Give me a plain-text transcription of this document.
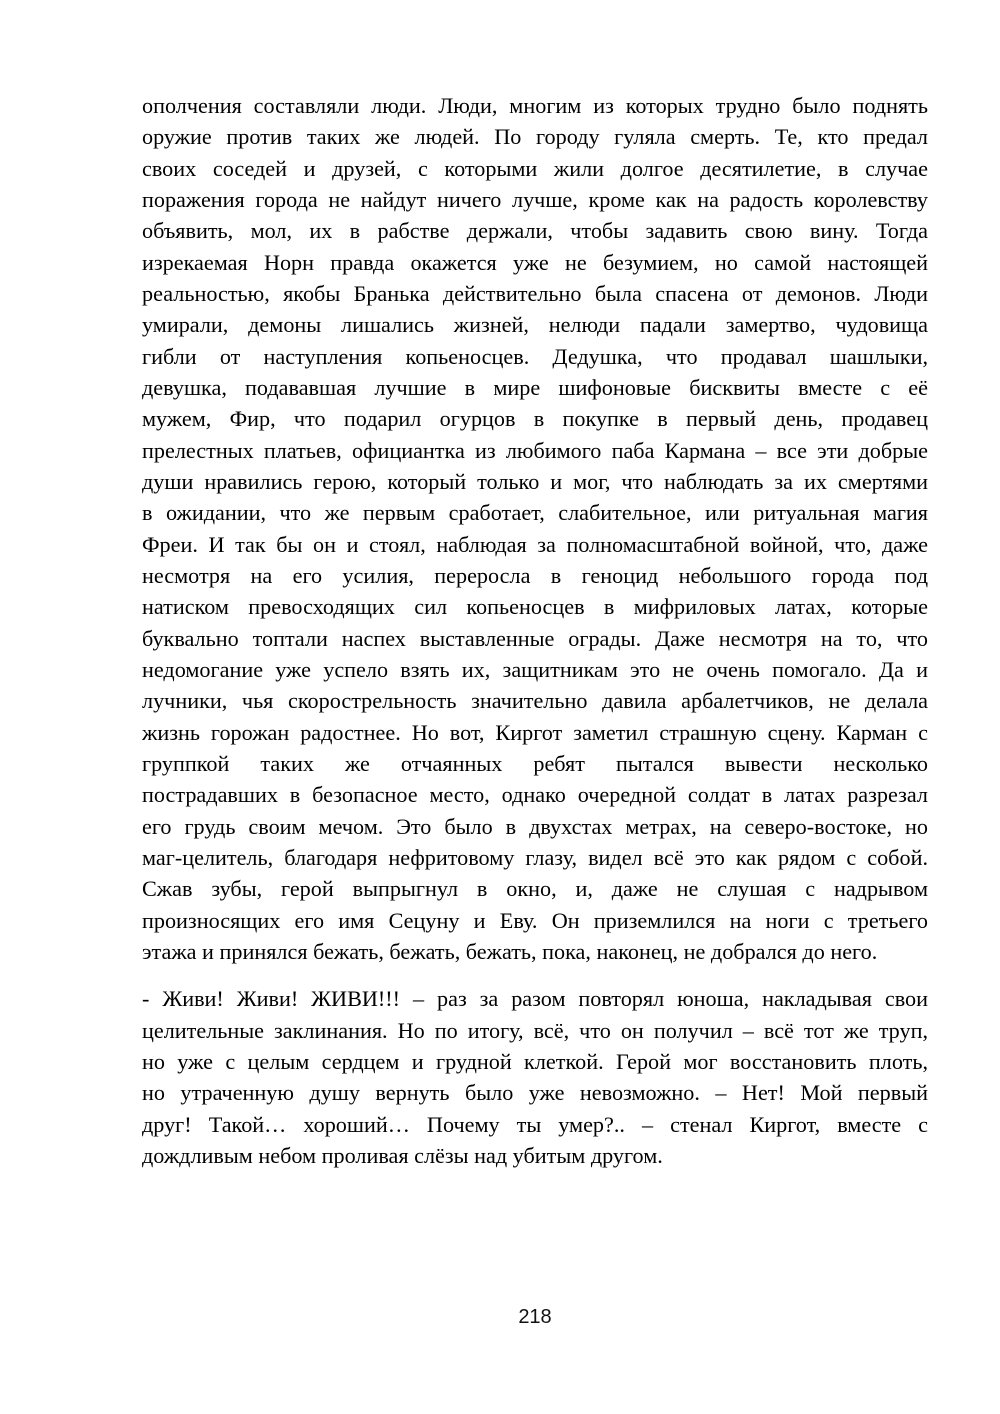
ополчения составляли люди. Люди, многим из которых трудно было поднять
оружие против таких же людей. По городу гуляла смерть. Те, кто предал
своих соседей и друзей, с которыми жили долгое десятилетие, в случае
поражения города не найдут ничего лучше, кроме как на радость королевству
объявить, мол, их в рабстве держали, чтобы задавить свою вину. Тогда
изрекаемая Норн правда окажется уже не безумием, но самой настоящей
реальностью, якобы Бранька действительно была спасена от демонов. Люди
умирали, демоны лишались жизней, нелюди падали замертво, чудовища
гибли от наступления копьеносцев. Дедушка, что продавал шашлыки,
девушка, подававшая лучшие в мире шифоновые бисквиты вместе с её
мужем, Фир, что подарил огурцов в покупке в первый день, продавец
прелестных платьев, официантка из любимого паба Кармана – все эти добрые
души нравились герою, который только и мог, что наблюдать за их смертями
в ожидании, что же первым сработает, слабительное, или ритуальная магия
Фреи. И так бы он и стоял, наблюдая за полномасштабной войной, что, даже
несмотря на его усилия, переросла в геноцид небольшого города под
натиском превосходящих сил копьеносцев в мифриловых латах, которые
буквально топтали наспех выставленные ограды. Даже несмотря на то, что
недомогание уже успело взять их, защитникам это не очень помогало. Да и
лучники, чья скорострельность значительно давила арбалетчиков, не делала
жизнь горожан радостнее. Но вот, Киргот заметил страшную сцену. Карман с
группкой таких же отчаянных ребят пытался вывести несколько
пострадавших в безопасное место, однако очередной солдат в латах разрезал
его грудь своим мечом. Это было в двухстах метрах, на северо-востоке, но
маг-целитель, благодаря нефритовому глазу, видел всё это как рядом с собой.
Сжав зубы, герой выпрыгнул в окно, и, даже не слушая с надрывом
произносящих его имя Сецуну и Еву. Он приземлился на ноги с третьего
этажа и принялся бежать, бежать, бежать, пока, наконец, не добрался до него.
- Живи! Живи! ЖИВИ!!! – раз за разом повторял юноша, накладывая свои
целительные заклинания. Но по итогу, всё, что он получил – всё тот же труп,
но уже с целым сердцем и грудной клеткой. Герой мог восстановить плоть,
но утраченную душу вернуть было уже невозможно. – Нет! Мой первый
друг! Такой… хороший… Почему ты умер?.. – стенал Киргот, вместе с
дождливым небом проливая слёзы над убитым другом.
218
